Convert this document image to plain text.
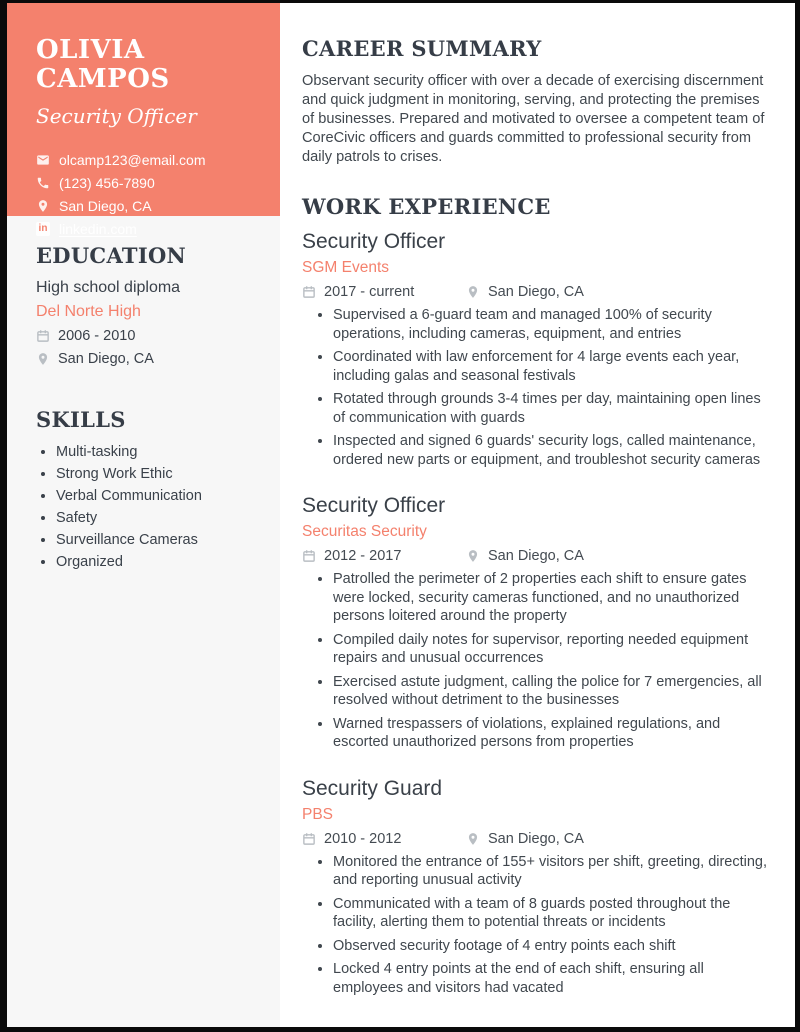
OLIVIA CAMPOS
Security Officer
olcamp123@email.com
(123) 456-7890
San Diego, CA
in linkedin.com
EDUCATION
High school diploma
Del Norte High
2006 - 2010
San Diego, CA
SKILLS
• Multi-tasking
• Strong Work Ethic
• Verbal Communication
• Safety
• Surveillance Cameras
• Organized
CAREER SUMMARY

Observant security officer with over a decade of exercising discernment and quick judgment in monitoring, serving, and protecting the premises of businesses. Prepared and motivated to oversee a competent team of CoreCivic officers and guards committed to professional security from daily patrols to crises.

WORK EXPERIENCE
Security Officer
SGM Events
2017 - current	San Diego, CA
• Supervised a 6-guard team and managed 100% of security operations, including cameras, equipment, and entries
• Coordinated with law enforcement for 4 large events each year, including galas and seasonal festivals
• Rotated through grounds 3-4 times per day, maintaining open lines of communication with guards
• Inspected and signed 6 guards' security logs, called maintenance, ordered new parts or equipment, and troubleshot security cameras
Security Officer
Securitas Security
2012 - 2017	San Diego, CA
• Patrolled the perimeter of 2 properties each shift to ensure gates were locked, security cameras functioned, and no unauthorized persons loitered around the property
• Compiled daily notes for supervisor, reporting needed equipment repairs and unusual occurrences
• Exercised astute judgment, calling the police for 7 emergencies, all resolved without detriment to the businesses
• Warned trespassers of violations, explained regulations, and escorted unauthorized persons from properties
Security Guard
PBS
2010 - 2012	San Diego, CA
• Monitored the entrance of 155+ visitors per shift, greeting, directing, and reporting unusual activity
• Communicated with a team of 8 guards posted throughout the facility, alerting them to potential threats or incidents
• Observed security footage of 4 entry points each shift
• Locked 4 entry points at the end of each shift, ensuring all employees and visitors had vacated
